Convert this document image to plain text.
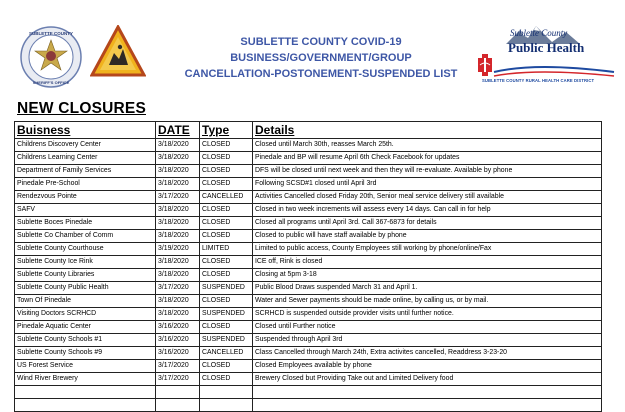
SUBLETTE COUNTY
SHERIFF'S OFFICE
SUBLETTE COUNTY COVID-19
BUSINESS/GOVERNMENT/GROUP
CANCELLATION-POSTONEMENT-SUSPENDED LIST
Sublette County
Public Health
SUBLETTE COUNTY RURAL HEALTH CARE DISTRICT
NEW CLOSURES
Buisness	DATE	Type	Details
Childrens Discovery Center	3/18/2020	CLOSED	Closed until March 30th, reasses March 25th.
Childrens Learning Center	3/18/2020	CLOSED	Pinedale and BP will resume April 6th Check Facebook for updates
Department of Family Services	3/18/2020	CLOSED	DFS will be closed until next week and then they will re-evaluate. Available by phone
Pinedale Pre-School	3/18/2020	CLOSED	Following SCSD#1 closed until April 3rd
Rendezvous Pointe	3/17/2020	CANCELLED	Activities Cancelled closed Friday 20th, Senior meal service delivery still available
SAFV	3/18/2020	CLOSED	Closed in two week increments will assess every 14 days. Can call in for help
Sublette Boces Pinedale	3/18/2020	CLOSED	Closed all programs until April 3rd. Call 367-6873 for details
Sublette Co Chamber of Comm	3/18/2020	CLOSED	Closed to public will have staff available by phone
Sublette County Courthouse	3/19/2020	LIMITED	Limited to public access, County Employees still working by phone/online/Fax
Sublette County Ice Rink	3/18/2020	CLOSED	ICE off, Rink is closed
Sublette County Libraries	3/18/2020	CLOSED	Closing at 5pm 3-18
Sublette County Public Health	3/17/2020	SUSPENDED	Public Blood Draws suspended March 31 and April 1.
Town Of Pinedale	3/18/2020	CLOSED	Water and Sewer payments should be made online, by calling us, or by mail.
Visiting Doctors SCRHCD	3/18/2020	SUSPENDED	SCRHCD is suspended outside provider visits until further notice.
Pinedale Aquatic Center	3/16/2020	CLOSED	Closed until Further notice
Sublette County Schools #1	3/16/2020	SUSPENDED	Suspended through April 3rd
Sublette County Schools #9	3/16/2020	CANCELLED	Class Cancelled through March 24th, Extra activites cancelled, Readdress 3-23-20
US Forest Service	3/17/2020	CLOSED	Closed Employees available by phone
Wind River Brewery	3/17/2020	CLOSED	Brewery Closed but Providing Take out and Limited Delivery food
